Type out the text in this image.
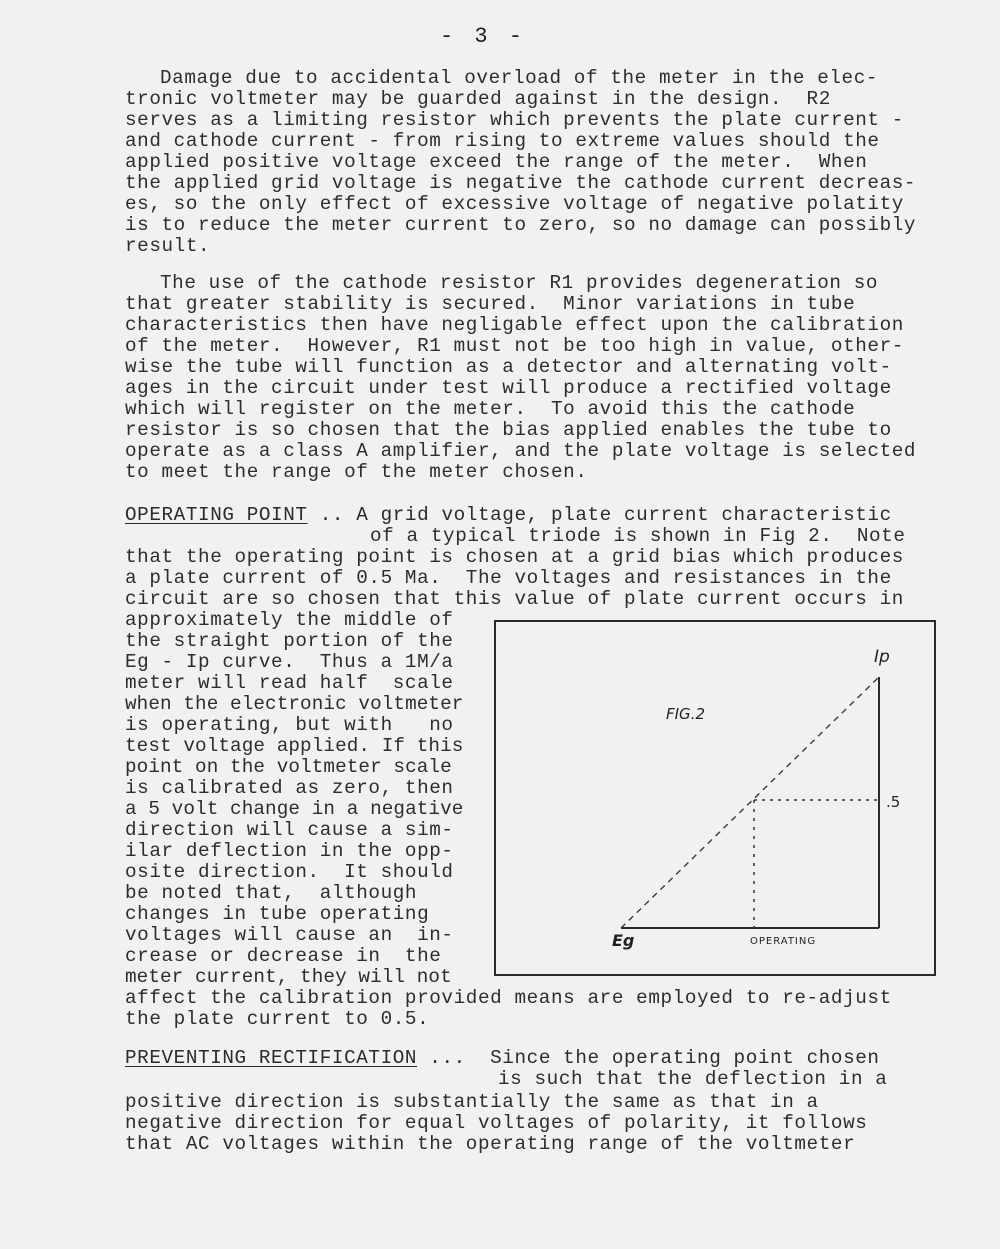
- 3 -
Damage due to accidental overload of the meter in the elec-
tronic voltmeter may be guarded against in the design.  R2
serves as a limiting resistor which prevents the plate current -
and cathode current - from rising to extreme values should the
applied positive voltage exceed the range of the meter.  When
the applied grid voltage is negative the cathode current decreas-
es, so the only effect of excessive voltage of negative polatity
is to reduce the meter current to zero, so no damage can possibly
result.
The use of the cathode resistor R1 provides degeneration so
that greater stability is secured.  Minor variations in tube
characteristics then have negligable effect upon the calibration
of the meter.  However, R1 must not be too high in value, other-
wise the tube will function as a detector and alternating volt-
ages in the circuit under test will produce a rectified voltage
which will register on the meter.  To avoid this the cathode
resistor is so chosen that the bias applied enables the tube to
operate as a class A amplifier, and the plate voltage is selected
to meet the range of the meter chosen.
OPERATING POINT .. A grid voltage, plate current characteristic
of a typical triode is shown in Fig 2.  Note
that the operating point is chosen at a grid bias which produces
a plate current of 0.5 Ma.  The voltages and resistances in the
circuit are so chosen that this value of plate current occurs in
approximately the middle of
the straight portion of the
Eg - Ip curve.  Thus a 1M/a
meter will read half  scale
when the electronic voltmeter
is operating, but with   no
test voltage applied. If this
point on the voltmeter scale
is calibrated as zero, then
a 5 volt change in a negative
direction will cause a sim-
ilar deflection in the opp-
osite direction.  It should
be noted that,  although
changes in tube operating
voltages will cause an  in-
crease or decrease in  the
meter current, they will not
affect the calibration provided means are employed to re-adjust
the plate current to 0.5.
FIG.2
Ip
Eg
.5
OPERATING
PREVENTING RECTIFICATION ...  Since the operating point chosen
is such that the deflection in a
positive direction is substantially the same as that in a
negative direction for equal voltages of polarity, it follows
that AC voltages within the operating range of the voltmeter
